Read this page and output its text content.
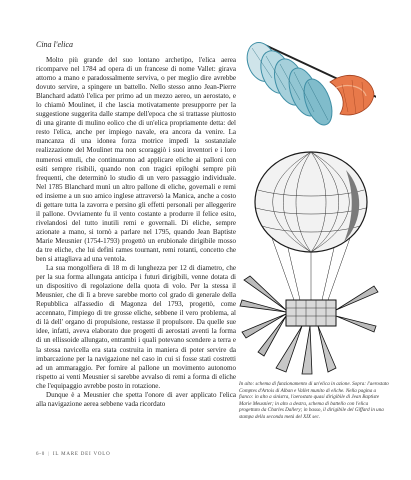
Cina l'elica

Molto più grande del suo lontano archetipo, l'elica aerea ricomparve nel 1784 ad opera di un francese di nome Vallet: girava attorno a mano e paradossalmente serviva, o per meglio dire avrebbe dovuto servire, a spingere un battello. Nello stesso anno Jean-Pierre Blanchard adattò l'elica per primo ad un mezzo aereo, un aerostato, e lo chiamò Moulinet, il che lascia motivatamente presupporre per la suggestione suggerita dalle stampe dell'epoca che si trattasse piuttosto di una girante di mulino eolico che di un'elica propriamente detta: del resto l'elica, anche per impiego navale, era ancora da venire. La mancanza di una idonea forza motrice impedì la sostanziale realizzazione del Moulinet ma non scoraggiò i suoi inventori e i loro numerosi emuli, che continuarono ad applicare eliche ai palloni con esiti sempre risibili, quando non con tragici epiloghi sempre più frequenti, che determinò lo studio di un vero passaggio individuale. Nel 1785 Blanchard munì un altro pallone di eliche, governali e remi ed insieme a un suo amico inglese attraversò la Manica, anche a costo di gettare tutta la zavorra e persino gli effetti personali per alleggerire il pallone. Ovviamente fu il vento costante a produrre il felice esito, rivelandosi del tutto inutili remi e governali. Di eliche, sempre azionate a mano, si tornò a parlare nel 1795, quando Jean Baptiste Marie Meusnier (1754-1793) progettò un erubionale dirigibile mosso da tre eliche, che lui definì rames tournant, remi rotanti, concetto che ben si attagliava ad una ventola.

La sua mongolfiera di 18 m di lunghezza per 12 di diametro, che per la sua forma allungata anticipa i futuri dirigibili, venne dotata di un dispositivo di regolazione della quota di volo. Per la stessa il Meusnier, che di lì a breve sarebbe morto col grado di generale della Repubblica all'assedio di Magonza del 1793, progettò, come accennato, l'impiego di tre grosse eliche, sebbene il vero problema, al di là dell' organo di propulsione, restasse il propulsore. Da quelle sue idee, infatti, aveva elaborato due progetti di aerostati aventi la forma di un ellissoide allungato, entrambi i quali potevano scendere a terra e la stessa navicella era stata costruita in maniera di poter servire da imbarcazione per la navigazione nel caso in cui si fosse stati costretti ad un ammaraggio. Per fornire al pallone un movimento autonomo rispetto ai venti Meusnier si sarebbe avvalso di remi a forma di eliche che l'equipaggio avrebbe posto in rotazione.

Dunque è a Meusnier che spetta l'onore di aver applicato l'elica alla navigazione aerea sebbene vada ricordato

In alto: schema di funzionamento di un'elica in azione. Sopra: l'aerostato Comptes d'Artois di Alban e Vallet munito di eliche. Nella pagina a fianco: in alto a sinistra, l'aerostato quasi dirigibile di Jean Baptiste Marie Meusnier; in alto a destra, schema di battello con l'elica progettato da Charles Dallery; in basso, il dirigibile del Giffard in una stampa della seconda metà del XIX sec.
6-0 | IL MARE DEI VOLO
